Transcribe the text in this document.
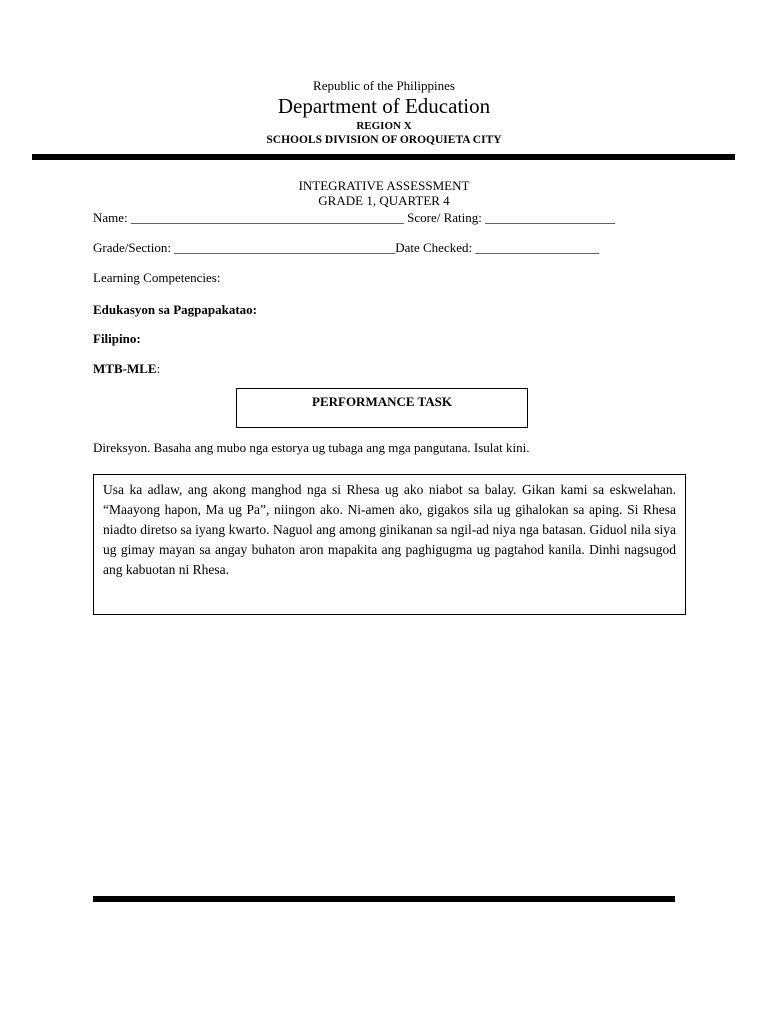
Republic of the Philippines
Department of Education
REGION X
SCHOOLS DIVISION OF OROQUIETA CITY
INTEGRATIVE ASSESSMENT
GRADE 1, QUARTER 4
Name: __________________________________________ Score/ Rating: ____________________
Grade/Section: __________________________________Date Checked: ___________________
Learning Competencies:
Edukasyon sa Pagpapakatao:
Filipino:
MTB-MLE:
PERFORMANCE TASK
Direksyon. Basaha ang mubo nga estorya ug tubaga ang mga pangutana. Isulat kini.
Usa ka adlaw, ang akong manghod nga si Rhesa ug ako niabot sa balay. Gikan kami sa eskwelahan. “Maayong hapon, Ma ug Pa”, niingon ako. Ni-amen ako, gigakos sila ug gihalokan sa aping. Si Rhesa niadto diretso sa iyang kwarto. Naguol ang among ginikanan sa ngil-ad niya nga batasan. Giduol nila siya ug gimay mayan sa angay buhaton aron mapakita ang paghigugma ug pagtahod kanila. Dinhi nagsugod ang kabuotan ni Rhesa.
